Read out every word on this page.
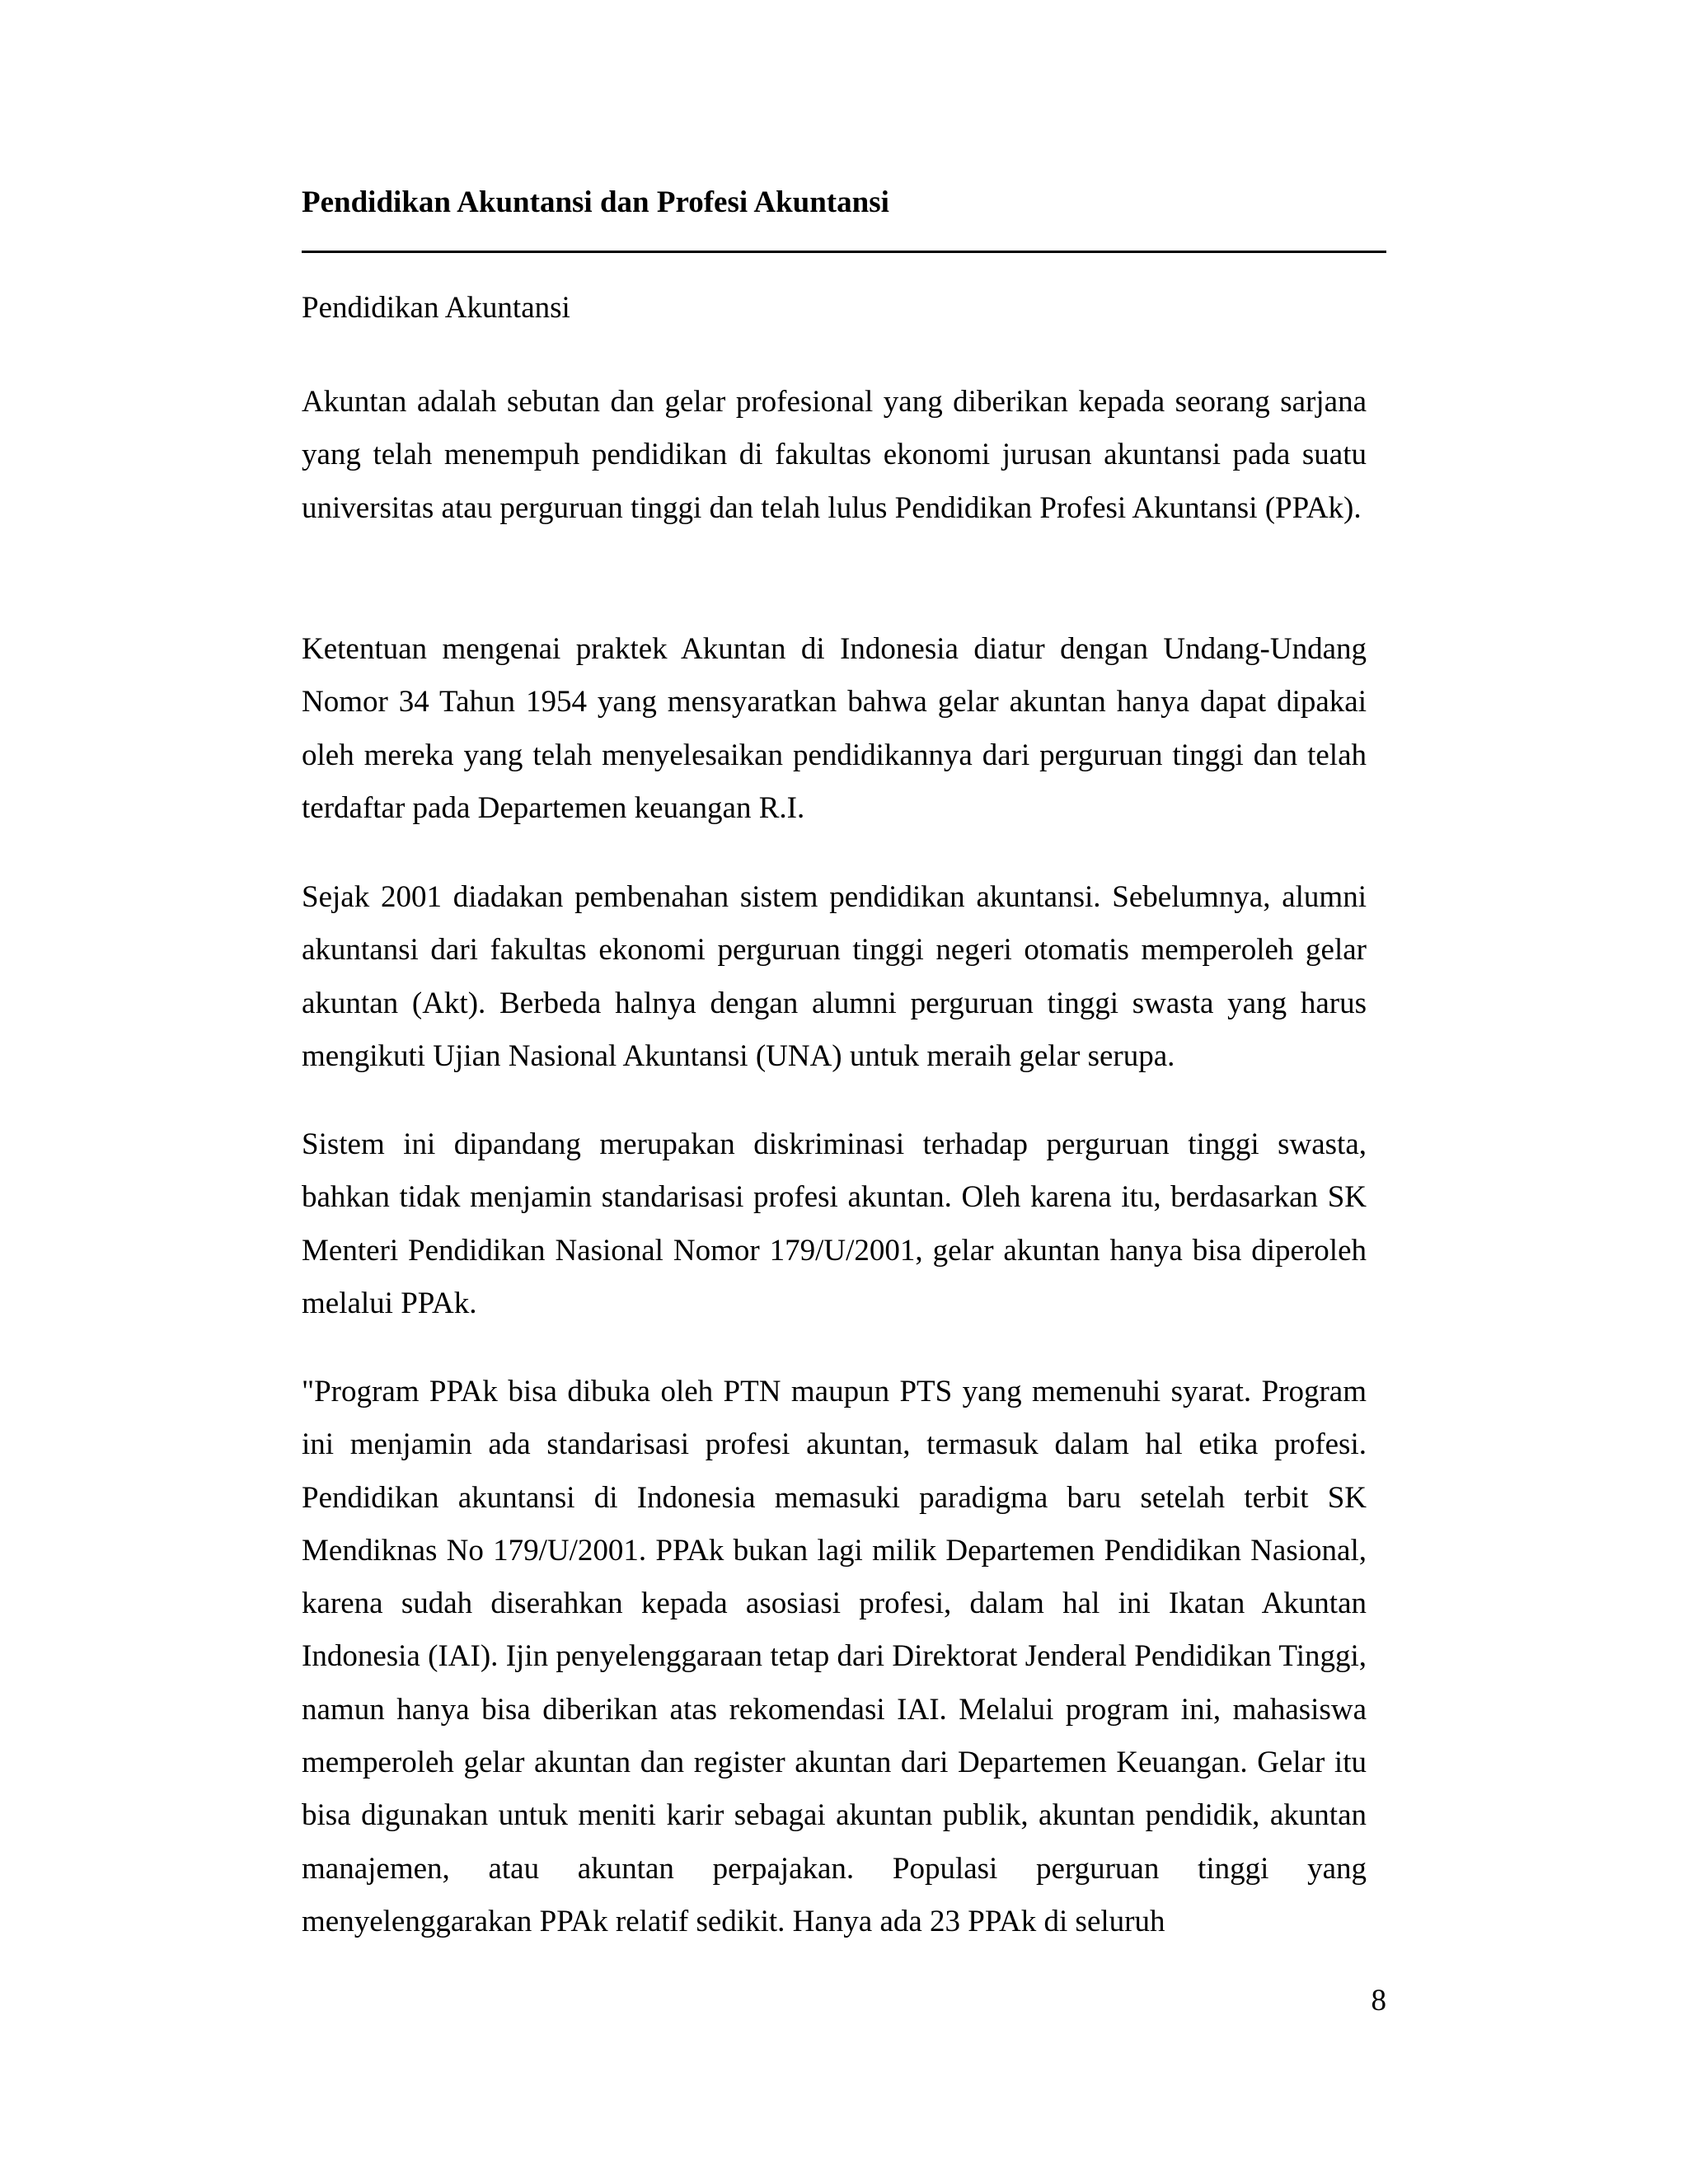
Pendidikan Akuntansi dan Profesi Akuntansi
Pendidikan Akuntansi

Akuntan adalah sebutan dan gelar profesional yang diberikan kepada seorang sarjana yang telah menempuh pendidikan di fakultas ekonomi jurusan akuntansi pada suatu universitas atau perguruan tinggi dan telah lulus Pendidikan Profesi Akuntansi (PPAk).

Ketentuan mengenai praktek Akuntan di Indonesia diatur dengan Undang-Undang Nomor 34 Tahun 1954 yang mensyaratkan bahwa gelar akuntan hanya dapat dipakai oleh mereka yang telah menyelesaikan pendidikannya dari perguruan tinggi dan telah terdaftar pada Departemen keuangan R.I.

Sejak 2001 diadakan pembenahan sistem pendidikan akuntansi. Sebelumnya, alumni akuntansi dari fakultas ekonomi perguruan tinggi negeri otomatis memperoleh gelar akuntan (Akt). Berbeda halnya dengan alumni perguruan tinggi swasta yang harus mengikuti Ujian Nasional Akuntansi (UNA) untuk meraih gelar serupa.

Sistem ini dipandang merupakan diskriminasi terhadap perguruan tinggi swasta, bahkan tidak menjamin standarisasi profesi akuntan. Oleh karena itu, berdasarkan SK Menteri Pendidikan Nasional Nomor 179/U/2001, gelar akuntan hanya bisa diperoleh melalui PPAk.

"Program PPAk bisa dibuka oleh PTN maupun PTS yang memenuhi syarat. Program ini menjamin ada standarisasi profesi akuntan, termasuk dalam hal etika profesi. Pendidikan akuntansi di Indonesia memasuki paradigma baru setelah terbit SK Mendiknas No 179/U/2001. PPAk bukan lagi milik Departemen Pendidikan Nasional, karena sudah diserahkan kepada asosiasi profesi, dalam hal ini Ikatan Akuntan Indonesia (IAI). Ijin penyelenggaraan tetap dari Direktorat Jenderal Pendidikan Tinggi, namun hanya bisa diberikan atas rekomendasi IAI. Melalui program ini, mahasiswa memperoleh gelar akuntan dan register akuntan dari Departemen Keuangan. Gelar itu bisa digunakan untuk meniti karir sebagai akuntan publik, akuntan pendidik, akuntan manajemen, atau akuntan perpajakan. Populasi perguruan tinggi yang menyelenggarakan PPAk relatif sedikit. Hanya ada 23 PPAk di seluruh

8
